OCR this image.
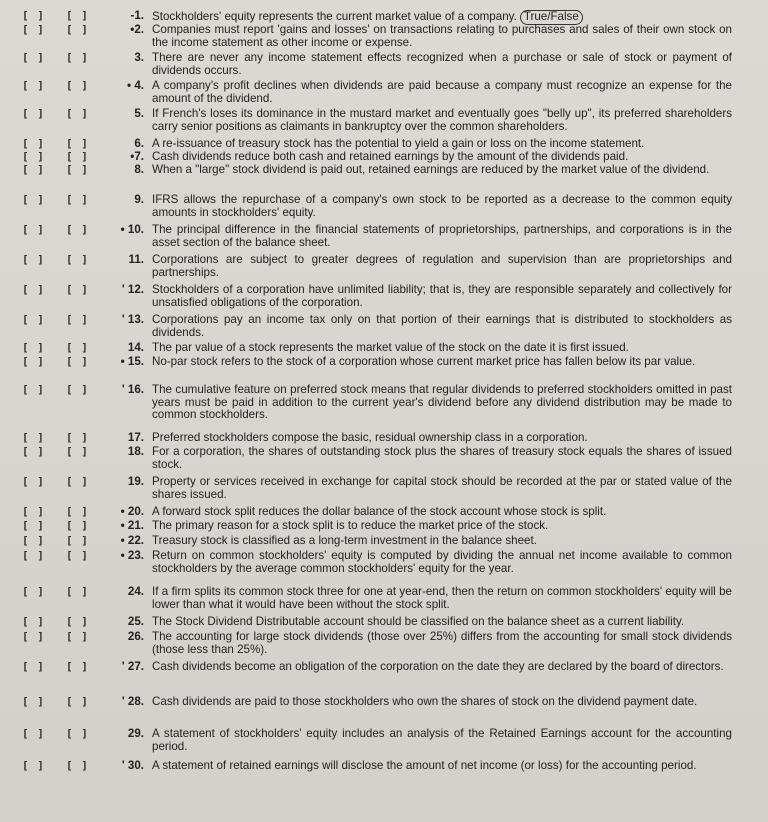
[ ] [ ]	-1. Stockholders' equity represents the current market value of a company. True/False
[ ] [ ]	•2. Companies must report 'gains and losses' on transactions relating to purchases and sales of their own stock on the income statement as other income or expense.
[ ] [ ]	3. There are never any income statement effects recognized when a purchase or sale of stock or payment of dividends occurs.
[ ] [ ]	• 4. A company's profit declines when dividends are paid because a company must recognize an expense for the amount of the dividend.
[ ] [ ]	5. If French's loses its dominance in the mustard market and eventually goes "belly up", its preferred shareholders carry senior positions as claimants in bankruptcy over the common shareholders.
[ ] [ ]	6. A re-issuance of treasury stock has the potential to yield a gain or loss on the income statement.
[ ] [ ]	•7. Cash dividends reduce both cash and retained earnings by the amount of the dividends paid.
[ ] [ ]	8. When a "large" stock dividend is paid out, retained earnings are reduced by the market value of the dividend.
[ ] [ ]	9. IFRS allows the repurchase of a company's own stock to be reported as a decrease to the common equity amounts in stockholders' equity.
[ ] [ ]	• 10. The principal difference in the financial statements of proprietorships, partnerships, and corporations is in the asset section of the balance sheet.
[ ] [ ]	11. Corporations are subject to greater degrees of regulation and supervision than are proprietorships and partnerships.
[ ] [ ]	' 12. Stockholders of a corporation have unlimited liability; that is, they are responsible separately and collectively for unsatisfied obligations of the corporation.
[ ] [ ]	' 13. Corporations pay an income tax only on that portion of their earnings that is distributed to stockholders as dividends.
[ ] [ ]	14. The par value of a stock represents the market value of the stock on the date it is first issued.
[ ] [ ]	• 15. No-par stock refers to the stock of a corporation whose current market price has fallen below its par value.
[ ] [ ]	' 16. The cumulative feature on preferred stock means that regular dividends to preferred stockholders omitted in past years must be paid in addition to the current year's dividend before any dividend distribution may be made to common stockholders.
[ ] [ ]	17. Preferred stockholders compose the basic, residual ownership class in a corporation.
[ ] [ ]	18. For a corporation, the shares of outstanding stock plus the shares of treasury stock equals the shares of issued stock.
[ ] [ ]	19. Property or services received in exchange for capital stock should be recorded at the par or stated value of the shares issued.
[ ] [ ]	• 20. A forward stock split reduces the dollar balance of the stock account whose stock is split.
[ ] [ ]	• 21. The primary reason for a stock split is to reduce the market price of the stock.
[ ] [ ]	• 22. Treasury stock is classified as a long-term investment in the balance sheet.
[ ] [ ]	• 23. Return on common stockholders' equity is computed by dividing the annual net income available to common stockholders by the average common stockholders' equity for the year.
[ ] [ ]	24. If a firm splits its common stock three for one at year-end, then the return on common stockholders' equity will be lower than what it would have been without the stock split.
[ ] [ ]	25. The Stock Dividend Distributable account should be classified on the balance sheet as a current liability.
[ ] [ ]	26. The accounting for large stock dividends (those over 25%) differs from the accounting for small stock dividends (those less than 25%).
[ ] [ ]	' 27. Cash dividends become an obligation of the corporation on the date they are declared by the board of directors.
[ ] [ ]	' 28. Cash dividends are paid to those stockholders who own the shares of stock on the dividend payment date.
[ ] [ ]	29. A statement of stockholders' equity includes an analysis of the Retained Earnings account for the accounting period.
[ ] [ ]	' 30. A statement of retained earnings will disclose the amount of net income (or loss) for the accounting period.
